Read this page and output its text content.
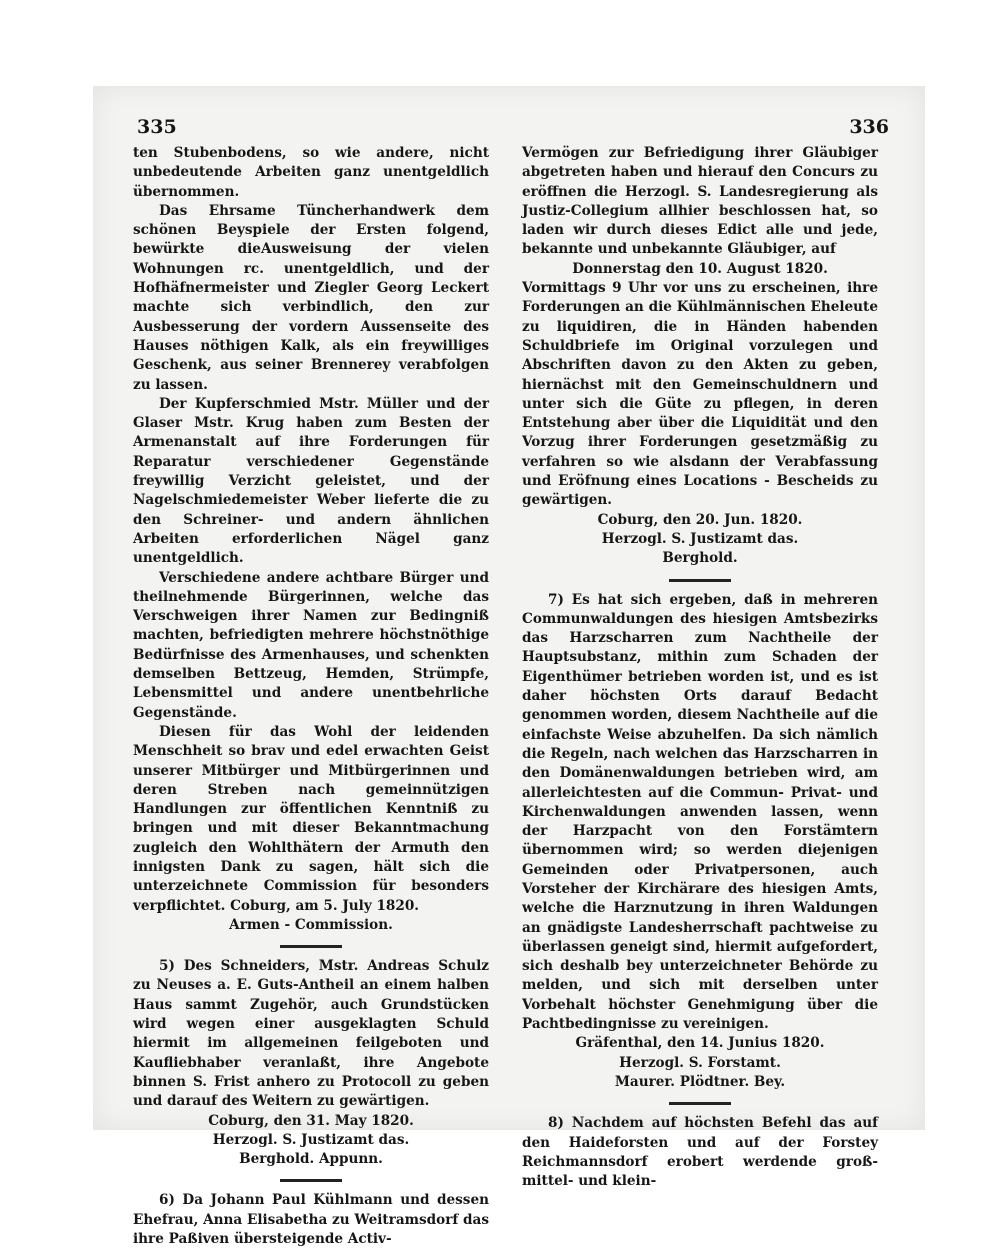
335	336

ten Stubenbodens, so wie andere, nicht unbedeutende Arbeiten ganz unentgeldlich übernommen.

Das Ehrsame Tüncherhandwerk dem schönen Beyspiele der Ersten folgend, bewürkte dieAusweisung der vielen Wohnungen rc. unentgeldlich, und der Hofhäfnermeister und Ziegler Georg Leckert machte sich verbindlich, den zur Ausbesserung der vordern Aussenseite des Hauses nöthigen Kalk, als ein freywilliges Geschenk, aus seiner Brennerey verabfolgen zu lassen.

Der Kupferschmied Mstr. Müller und der Glaser Mstr. Krug haben zum Besten der Armenanstalt auf ihre Forderungen für Reparatur verschiedener Gegenstände freywillig Verzicht geleistet, und der Nagelschmiedemeister Weber lieferte die zu den Schreiner- und andern ähnlichen Arbeiten erforderlichen Nägel ganz unentgeldlich.

Verschiedene andere achtbare Bürger und theilnehmende Bürgerinnen, welche das Verschweigen ihrer Namen zur Bedingniß machten, befriedigten mehrere höchstnöthige Bedürfnisse des Armenhauses, und schenkten demselben Bettzeug, Hemden, Strümpfe, Lebensmittel und andere unentbehrliche Gegenstände.

Diesen für das Wohl der leidenden Menschheit so brav und edel erwachten Geist unserer Mitbürger und Mitbürgerinnen und deren Streben nach gemeinnützigen Handlungen zur öffentlichen Kenntniß zu bringen und mit dieser Bekanntmachung zugleich den Wohlthätern der Armuth den innigsten Dank zu sagen, hält sich die unterzeichnete Commission für besonders verpflichtet. Coburg, am 5. July 1820.

Armen - Commission.

5) Des Schneiders, Mstr. Andreas Schulz zu Neuses a. E. Guts-Antheil an einem halben Haus sammt Zugehör, auch Grundstücken wird wegen einer ausgeklagten Schuld hiermit im allgemeinen feilgeboten und Kaufliebhaber veranlaßt, ihre Angebote binnen S. Frist anhero zu Protocoll zu geben und darauf des Weitern zu gewärtigen.

Coburg, den 31. May 1820.

Herzogl. S. Justizamt das.

Berghold. Appunn.

6) Da Johann Paul Kühlmann und dessen Ehefrau, Anna Elisabetha zu Weitramsdorf das ihre Paßiven übersteigende Activ-

Vermögen zur Befriedigung ihrer Gläubiger abgetreten haben und hierauf den Concurs zu eröffnen die Herzogl. S. Landesregierung als Justiz-Collegium allhier beschlossen hat, so laden wir durch dieses Edict alle und jede, bekannte und unbekannte Gläubiger, auf

Donnerstag den 10. August 1820.

Vormittags 9 Uhr vor uns zu erscheinen, ihre Forderungen an die Kühlmännischen Eheleute zu liquidiren, die in Händen habenden Schuldbriefe im Original vorzulegen und Abschriften davon zu den Akten zu geben, hiernächst mit den Gemeinschuldnern und unter sich die Güte zu pflegen, in deren Entstehung aber über die Liquidität und den Vorzug ihrer Forderungen gesetzmäßig zu verfahren so wie alsdann der Verabfassung und Eröfnung eines Locations - Bescheids zu gewärtigen.

Coburg, den 20. Jun. 1820.

Herzogl. S. Justizamt das.

Berghold.

7) Es hat sich ergeben, daß in mehreren Communwaldungen des hiesigen Amtsbezirks das Harzscharren zum Nachtheile der Hauptsubstanz, mithin zum Schaden der Eigenthümer betrieben worden ist, und es ist daher höchsten Orts darauf Bedacht genommen worden, diesem Nachtheile auf die einfachste Weise abzuhelfen. Da sich nämlich die Regeln, nach welchen das Harzscharren in den Domänenwaldungen betrieben wird, am allerleichtesten auf die Commun- Privat- und Kirchenwaldungen anwenden lassen, wenn der Harzpacht von den Forstämtern übernommen wird; so werden diejenigen Gemeinden oder Privatpersonen, auch Vorsteher der Kirchärare des hiesigen Amts, welche die Harznutzung in ihren Waldungen an gnädigste Landesherrschaft pachtweise zu überlassen geneigt sind, hiermit aufgefordert, sich deshalb bey unterzeichneter Behörde zu melden, und sich mit derselben unter Vorbehalt höchster Genehmigung über die Pachtbedingnisse zu vereinigen.

Gräfenthal, den 14. Junius 1820.

Herzogl. S. Forstamt.

Maurer. Plödtner. Bey.

8) Nachdem auf höchsten Befehl das auf den Haideforsten und auf der Forstey Reichmannsdorf erobert werdende groß- mittel- und klein-
